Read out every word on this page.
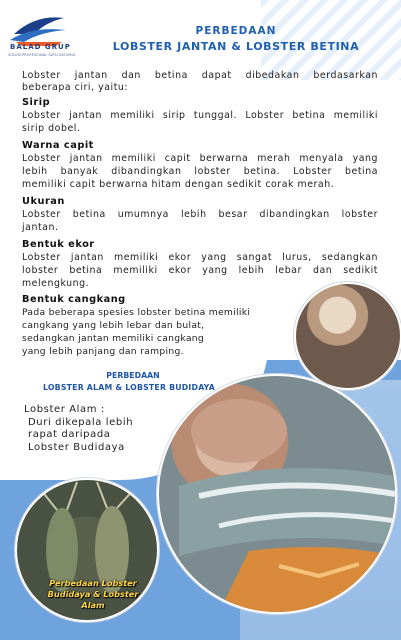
BALAD GRUP
SOLUSI PROFESIONAL SATU-SATUNYA
PERBEDAAN
LOBSTER JANTAN & LOBSTER BETINA
Lobster jantan dan betina dapat dibedakan berdasarkan
beberapa ciri, yaitu:
Sirip
Lobster jantan memiliki sirip tunggal. Lobster betina memiliki
sirip dobel.
Warna capit
Lobster jantan memiliki capit berwarna merah menyala yang
lebih banyak dibandingkan lobster betina. Lobster betina
memiliki capit berwarna hitam dengan sedikit corak merah.
Ukuran
Lobster betina umumnya lebih besar dibandingkan lobster
jantan.
Bentuk ekor
Lobster jantan memiliki ekor yang sangat lurus, sedangkan
lobster betina memiliki ekor yang lebih lebar dan sedikit
melengkung.
Bentuk cangkang
Pada beberapa spesies lobster betina memiliki
cangkang yang lebih lebar dan bulat,
sedangkan jantan memiliki cangkang
yang lebih panjang dan ramping.
PERBEDAAN
LOBSTER ALAM & LOBSTER BUDIDAYA
Lobster Alam :
Duri dikepala lebih
rapat daripada
Lobster Budidaya
Perbedaan Lobster
Budidaya & Lobster Alam
